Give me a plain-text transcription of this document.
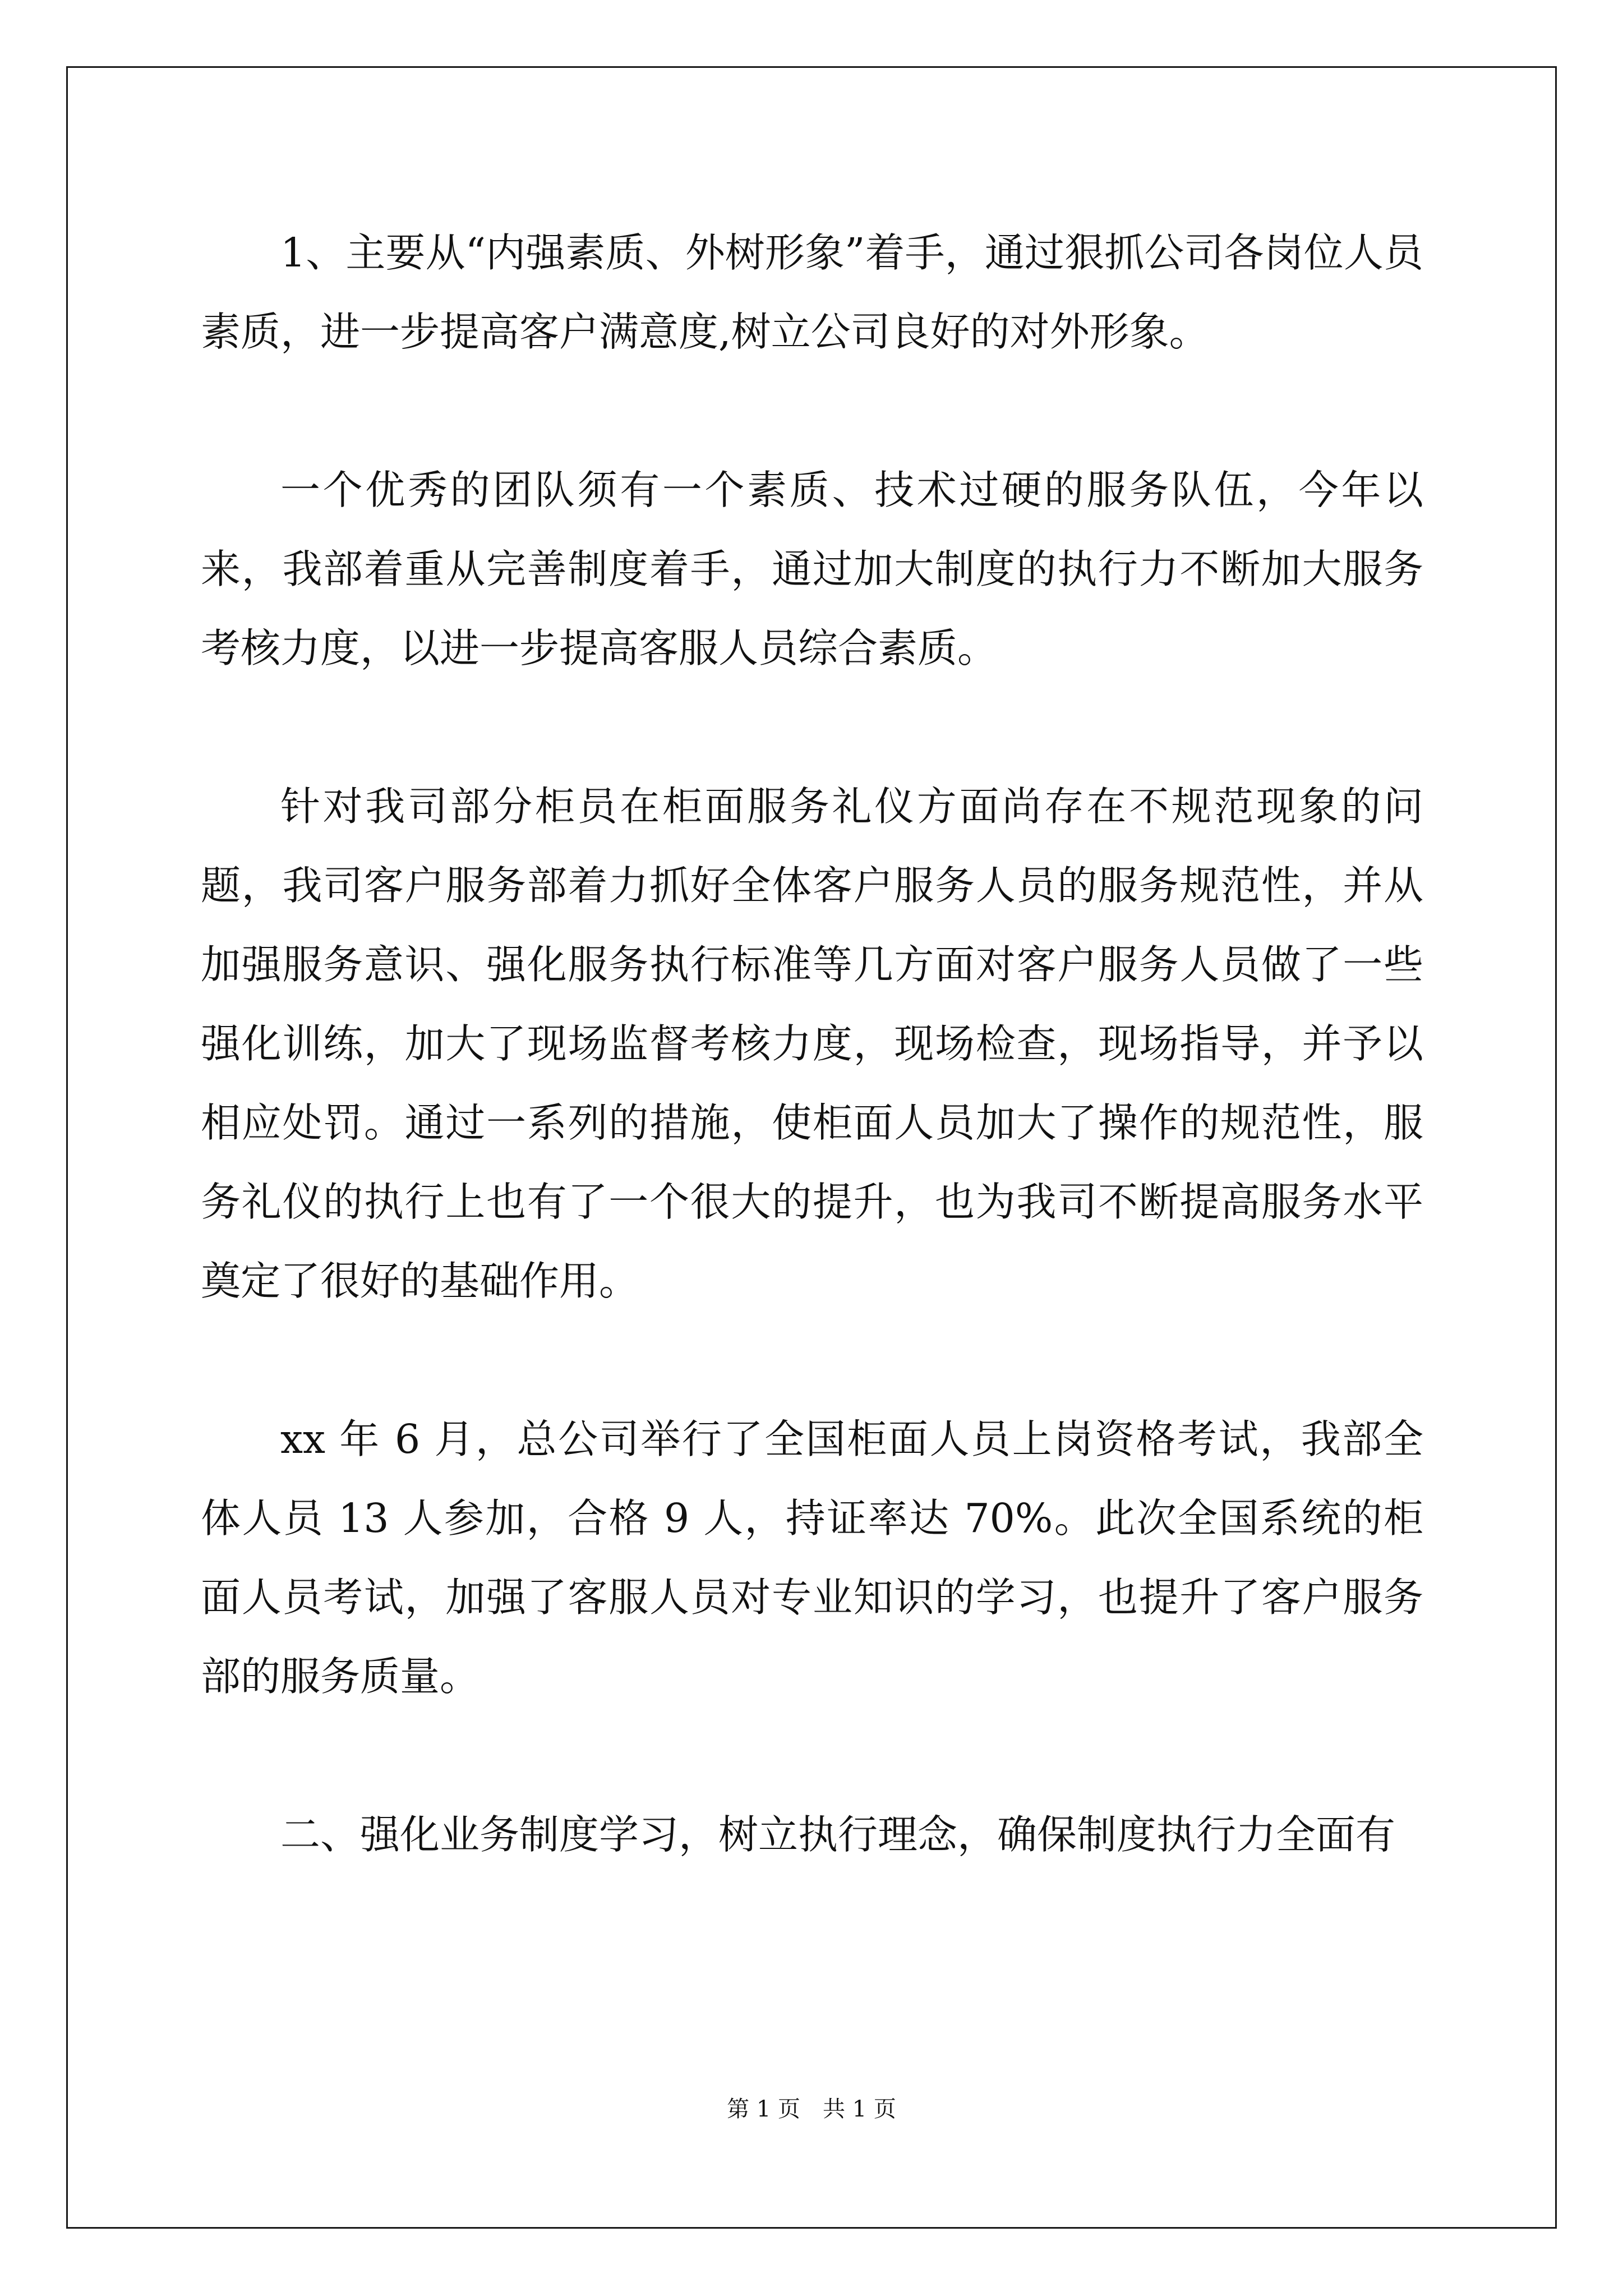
1、主要从“内强素质、外树形象”着手，通过狠抓公司各岗位人员素质，进一步提高客户满意度,树立公司良好的对外形象。

一个优秀的团队须有一个素质、技术过硬的服务队伍，今年以来，我部着重从完善制度着手，通过加大制度的执行力不断加大服务考核力度，以进一步提高客服人员综合素质。

针对我司部分柜员在柜面服务礼仪方面尚存在不规范现象的问题，我司客户服务部着力抓好全体客户服务人员的服务规范性，并从加强服务意识、强化服务执行标准等几方面对客户服务人员做了一些强化训练，加大了现场监督考核力度，现场检查，现场指导，并予以相应处罚。通过一系列的措施，使柜面人员加大了操作的规范性，服务礼仪的执行上也有了一个很大的提升，也为我司不断提高服务水平奠定了很好的基础作用。

xx 年 6 月，总公司举行了全国柜面人员上岗资格考试，我部全体人员 13 人参加，合格 9 人，持证率达 70%。此次全国系统的柜面人员考试，加强了客服人员对专业知识的学习，也提升了客户服务部的服务质量。

二、强化业务制度学习，树立执行理念，确保制度执行力全面有

第 1 页 共 1 页
